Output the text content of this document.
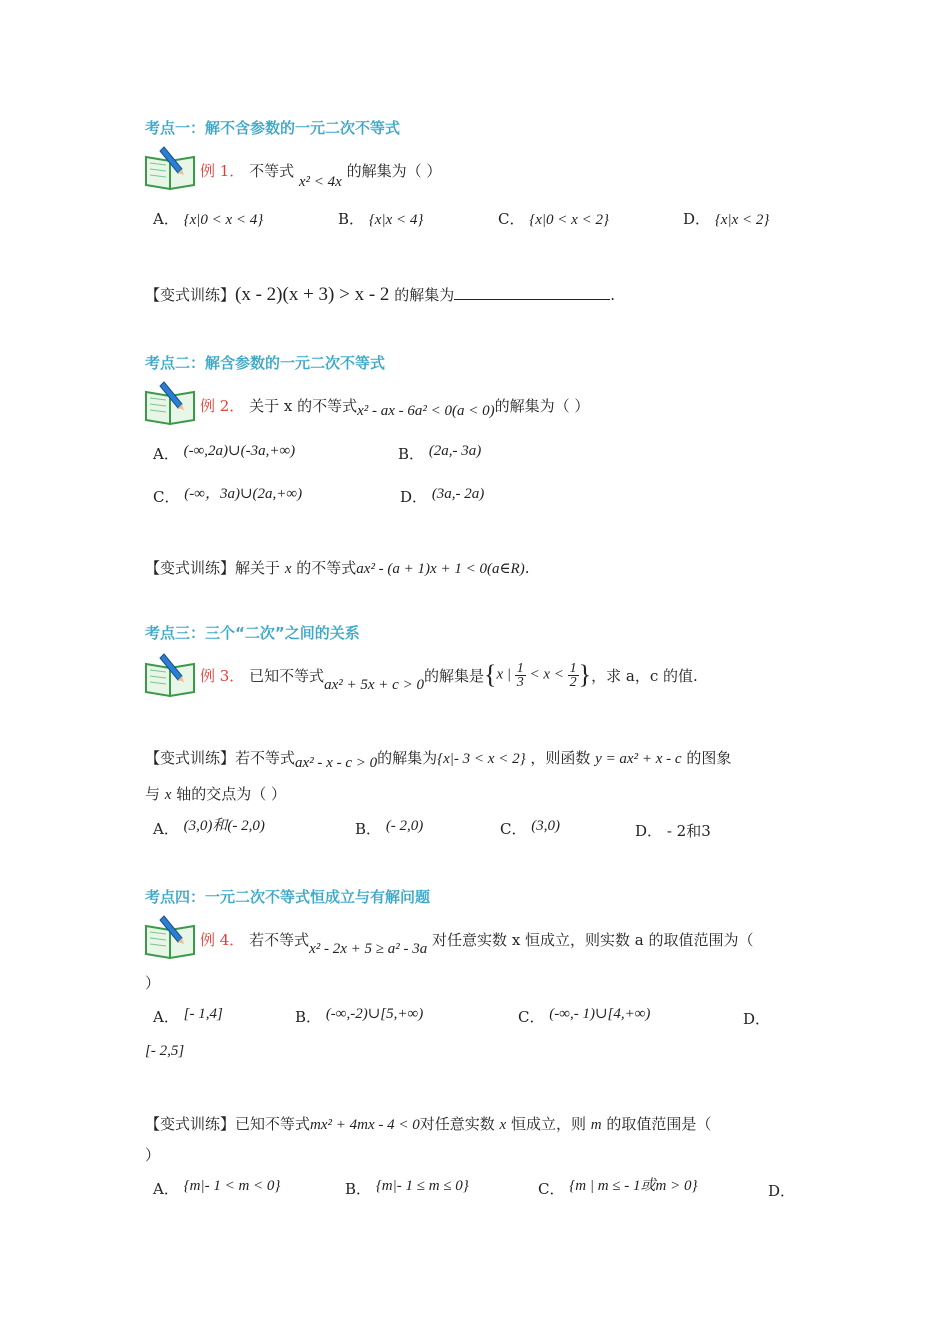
考点一：解不含参数的一元二次不等式
例 1． 不等式 x² < 4x 的解集为（ ）
A． {x|0 < x < 4}	B． {x|x < 4}	C． {x|0 < x < 2}	D． {x|x < 2}
【变式训练】(x - 2)(x + 3) > x - 2 的解集为	.
考点二：解含参数的一元二次不等式
例 2． 关于 x 的不等式x² - ax - 6a² < 0(a < 0)的解集为（ ）
A． (-∞,2a)∪(-3a,+∞)	B． (2a,- 3a)
C． (-∞，3a)∪(2a,+∞)	D． (3a,- 2a)
【变式训练】解关于 x 的不等式ax² - (a + 1)x + 1 < 0(a∈R).
考点三：三个“二次”之间的关系
例 3．
已知不等式 ax² + 5x + c > 0 的解集是 {x | $\frac{1}{3} < x < \frac{1}{2}$ } ，求 a，c 的值.
【变式训练】若不等式ax² - x - c > 0的解集为{x|- 3 < x < 2} ，则函数 y = ax² + x - c 的图象
与 x 轴的交点为（ ）
A． (3,0)和(- 2,0)	B． (- 2,0)	C． (3,0)	D． - 2和3
考点四：一元二次不等式恒成立与有解问题
例 4． 若不等式x² - 2x + 5 ≥ a² - 3a 对任意实数 x 恒成立，则实数 a 的取值范围为（
）
A． [- 1,4]	B． (-∞,-2)∪[5,+∞)	C． (-∞,- 1)∪[4,+∞)	D．
[- 2,5]
【变式训练】已知不等式mx² + 4mx - 4 < 0对任意实数 x 恒成立，则 m 的取值范围是（
）
A． {m|- 1 < m < 0}	B． {m|- 1 ≤ m ≤ 0}	C． {m | m ≤ - 1或m > 0}	D．
